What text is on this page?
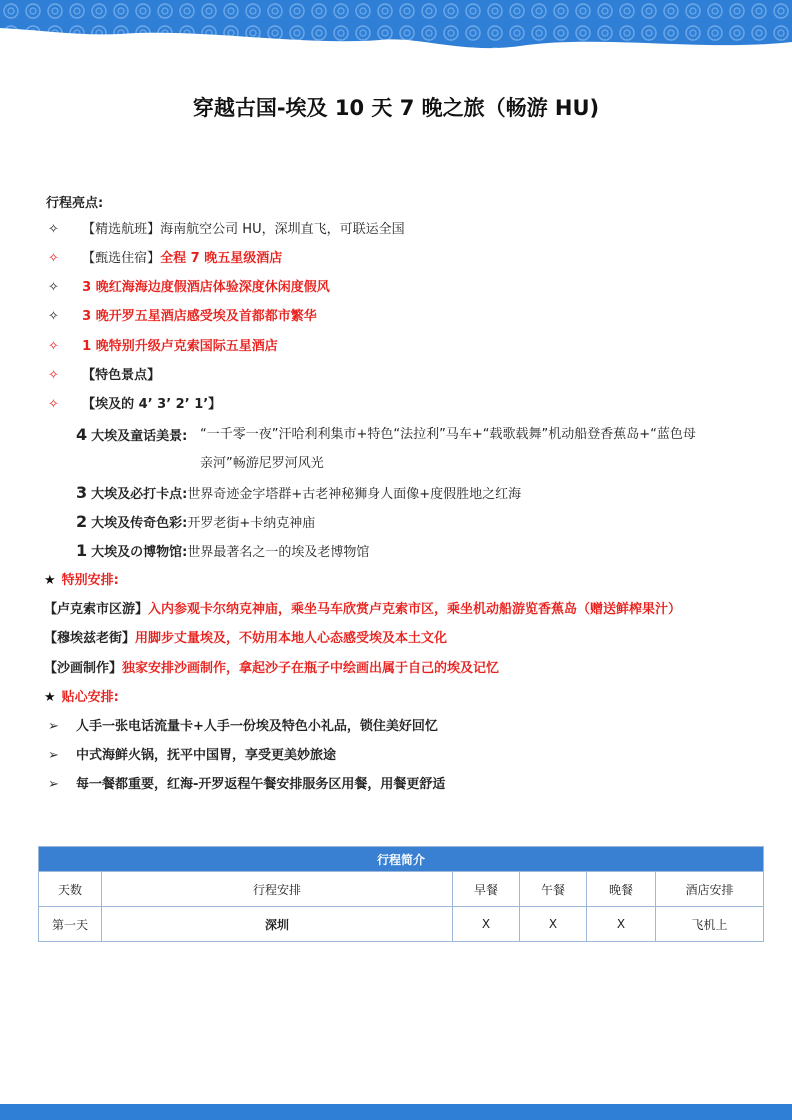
穿越古国-埃及 10 天 7 晚之旅（畅游 HU)
行程亮点:
✧ 【精选航班】海南航空公司 HU，深圳直飞，可联运全国
✧ 【甄选住宿】全程 7 晚五星级酒店
✧ 3 晚红海海边度假酒店体验深度休闲度假风
✧ 3 晚开罗五星酒店感受埃及首都都市繁华
✧ 1 晚特别升级卢克索国际五星酒店
✧ 【特色景点】
✧ 【埃及的 4’ 3’ 2’ 1’】
4 大埃及童话美景: “一千零一夜”汗哈利利集市+特色“法拉利”马车+“载歌载舞”机动船登香蕉岛+“蓝色母
亲河”畅游尼罗河风光
3 大埃及必打卡点:世界奇迹金字塔群+古老神秘狮身人面像+度假胜地之红海
2 大埃及传奇色彩:开罗老街+卡纳克神庙
1 大埃及の博物馆:世界最著名之一的埃及老博物馆
★ 特别安排:
【卢克索市区游】入内参观卡尔纳克神庙，乘坐马车欣赏卢克索市区，乘坐机动船游览香蕉岛（赠送鲜榨果汁）
【穆埃兹老街】用脚步丈量埃及，不妨用本地人心态感受埃及本土文化
【沙画制作】独家安排沙画制作，拿起沙子在瓶子中绘画出属于自己的埃及记忆
★ 贴心安排:
➢ 人手一张电话流量卡+人手一份埃及特色小礼品，锁住美好回忆
➢ 中式海鲜火锅，抚平中国胃，享受更美妙旅途
➢ 每一餐都重要，红海-开罗返程午餐安排服务区用餐，用餐更舒适
行程简介					
天数	行程安排	早餐	午餐	晚餐	酒店安排
第一天	深圳	X	X	X	飞机上
